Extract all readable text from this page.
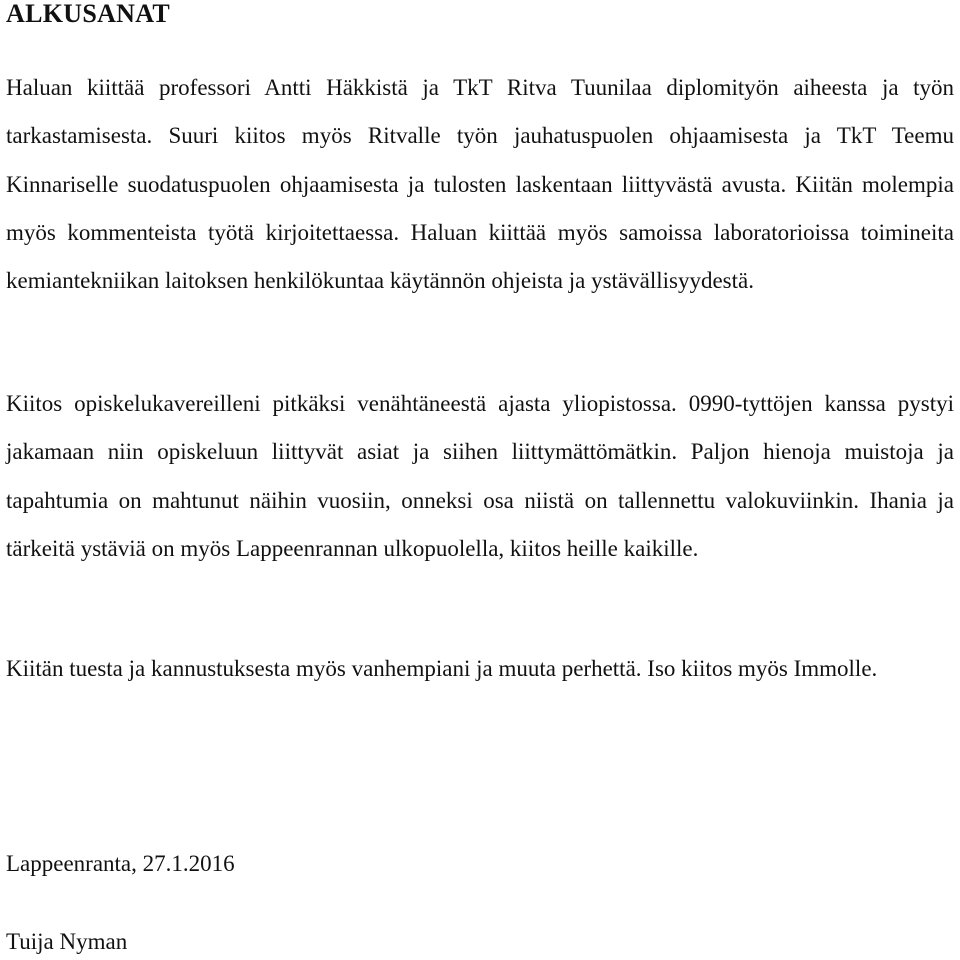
ALKUSANAT

Haluan kiittää professori Antti Häkkistä ja TkT Ritva Tuunilaa diplomityön aiheesta ja työn tarkastamisesta. Suuri kiitos myös Ritvalle työn jauhatuspuolen ohjaamisesta ja TkT Teemu Kinnariselle suodatuspuolen ohjaamisesta ja tulosten laskentaan liittyvästä avusta. Kiitän molempia myös kommenteista työtä kirjoitettaessa. Haluan kiittää myös samoissa laboratorioissa toimineita kemiantekniikan laitoksen henkilökuntaa käytännön ohjeista ja ystävällisyydestä.

Kiitos opiskelukavereilleni pitkäksi venähtäneestä ajasta yliopistossa. 0990-tyttöjen kanssa pystyi jakamaan niin opiskeluun liittyvät asiat ja siihen liittymättömätkin. Paljon hienoja muistoja ja tapahtumia on mahtunut näihin vuosiin, onneksi osa niistä on tallennettu valokuviinkin. Ihania ja tärkeitä ystäviä on myös Lappeenrannan ulkopuolella, kiitos heille kaikille.

Kiitän tuesta ja kannustuksesta myös vanhempiani ja muuta perhettä. Iso kiitos myös Immolle.

Lappeenranta, 27.1.2016

Tuija Nyman
